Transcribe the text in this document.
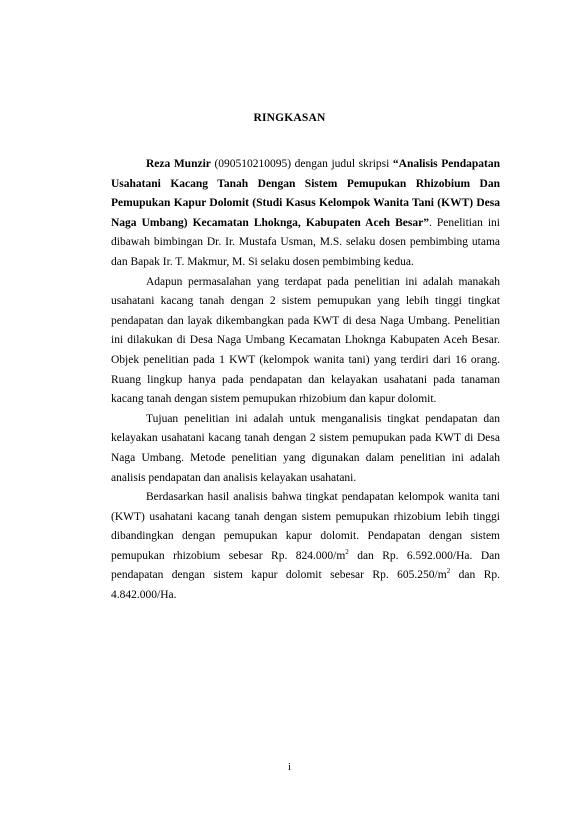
RINGKASAN

Reza Munzir (090510210095) dengan judul skripsi “Analisis Pendapatan Usahatani Kacang Tanah Dengan Sistem Pemupukan Rhizobium Dan Pemupukan Kapur Dolomit (Studi Kasus Kelompok Wanita Tani (KWT) Desa Naga Umbang) Kecamatan Lhoknga, Kabupaten Aceh Besar”. Penelitian ini dibawah bimbingan Dr. Ir. Mustafa Usman, M.S. selaku dosen pembimbing utama dan Bapak Ir. T. Makmur, M. Si selaku dosen pembimbing kedua.

Adapun permasalahan yang terdapat pada penelitian ini adalah manakah usahatani kacang tanah dengan 2 sistem pemupukan yang lebih tinggi tingkat pendapatan dan layak dikembangkan pada KWT di desa Naga Umbang. Penelitian ini dilakukan di Desa Naga Umbang Kecamatan Lhoknga Kabupaten Aceh Besar. Objek penelitian pada 1 KWT (kelompok wanita tani) yang terdiri dari 16 orang. Ruang lingkup hanya pada pendapatan dan kelayakan usahatani pada tanaman kacang tanah dengan sistem pemupukan rhizobium dan kapur dolomit.

Tujuan penelitian ini adalah untuk menganalisis tingkat pendapatan dan kelayakan usahatani kacang tanah dengan 2 sistem pemupukan pada KWT di Desa Naga Umbang. Metode penelitian yang digunakan dalam penelitian ini adalah analisis pendapatan dan analisis kelayakan usahatani.

Berdasarkan hasil analisis bahwa tingkat pendapatan kelompok wanita tani (KWT) usahatani kacang tanah dengan sistem pemupukan rhizobium lebih tinggi dibandingkan dengan pemupukan kapur dolomit. Pendapatan dengan sistem pemupukan rhizobium sebesar Rp. $824.000/m^2$ dan Rp. 6.592.000/Ha. Dan pendapatan dengan sistem kapur dolomit sebesar Rp. $605.250/m^2$ dan Rp. 4.842.000/Ha.

i
